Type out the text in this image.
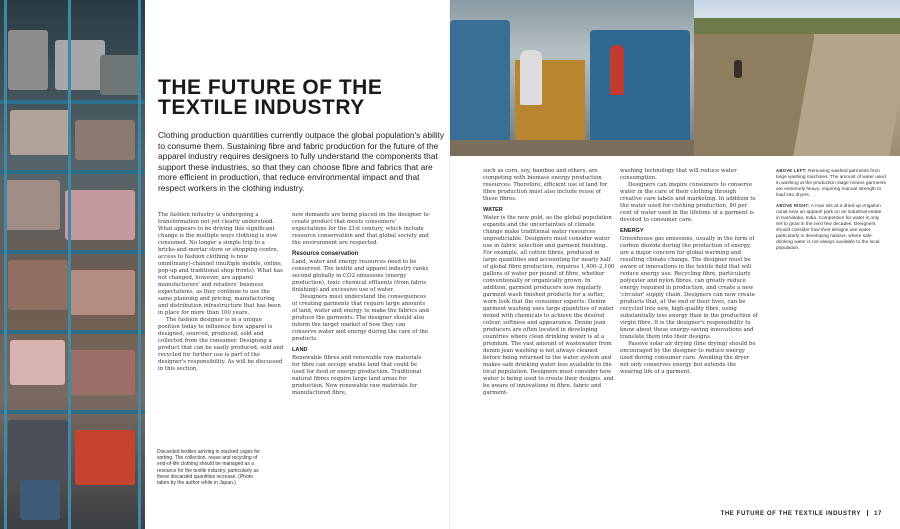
THE FUTURE OF THE TEXTILE INDUSTRY

Clothing production quantities currently outpace the global population's ability to consume them. Sustaining fibre and fabric production for the future of the apparel industry requires designers to fully understand the components that support these industries, so that they can choose fibre and fabrics that are more efficient in production, that reduce environmental impact and that respect workers in the clothing industry.

The fashion industry is undergoing a transformation not yet clearly understood. What appears to be driving this significant change is the multiple ways clothing is now consumed. No longer a simple trip to a bricks-and-mortar store or shopping centre, access to fashion clothing is now omni(many)-channel (multiple mobile, online, pop-up and traditional shop fronts). What has not changed, however, are apparel manufacturers' and retailers' business expectations, as they continue to use the same planning and pricing, manufacturing and distribution infrastructure that has been in place for more than 100 years.

The fashion designer is in a unique position today to influence how apparel is designed, sourced, produced, sold and collected from the consumer. Designing a product that can be easily produced, sold and recycled for further use is part of the designer's responsibility. As will be discussed in this section,

Discarded textiles arriving in stacked cages for sorting. The collection, reuse and recycling of end-of-life clothing should be managed as a resource for the textile industry, particularly as these discarded quantities increase. (Photo taken by the author while in Japan.)

new demands are being placed on the designer to create product that meets consumers' expectations for the 21st century, which include resource conservation and that global society and the environment are respected.

Resource conservation

Land, water and energy resources need to be conserved. The textile and apparel industry ranks second globally in CO2 emissions (energy production), toxic chemical effluents (from fabric finishing) and excessive use of water.

Designers must understand the consequences of creating garments that require large amounts of land, water and energy to make the fabrics and produce the garments. The designer should also inform the target market of how they can conserve water and energy during the care of the products.

LAND

Renewable fibres and renewable raw materials for fibre can occupy arable land that could be used for food or energy production. Traditional natural fibres require large land areas for production. New renewable raw materials for manufactured fibre,

such as corn, soy, bamboo and others, are competing with biomass energy production resources. Therefore, efficient use of land for fibre production must also include reuse of these fibres.

WATER

Water is the new gold, as the global population expands and the uncertainties of climate change make traditional water resources unpredictable. Designers must consider water use in fabric selection and garment finishing. For example, all cotton fibres, produced in large quantities and accounting for nearly half of global fibre production, requires 1,400–2,100 gallons of water per pound of fibre, whether conventionally or organically grown. In addition, garment producers now regularly garment wash finished products for a softer, worn look that the consumer expects. Denim garment washing uses large quantities of water mixed with chemicals to achieve the desired colour, softness and appearance. Denim jean producers are often located in developing countries where clean drinking water is at a premium. The vast amount of wastewater from denim jean washing is not always cleaned before being returned to the water system and makes safe drinking water less available to the local population. Designers must consider how water is being used to create their designs, and be aware of innovations in fibre, fabric and garment-

washing technology that will reduce water consumption.

Designers can inspire consumers to conserve water in the care of their clothing through creative care labels and marketing. In addition to the water used for clothing production, 80 per cent of water used in the lifetime of a garment is devoted to consumer care.

ENERGY

Greenhouse gas emissions, usually in the form of carbon dioxide during the production of energy, are a major concern for global warming and resulting climate change. The designer must be aware of innovations in the textile field that will reduce energy use. Recycling fibre, particularly polyester and nylon fibres, can greatly reduce energy required in production, and create a new 'circular' supply chain. Designers can now create products that, at the end of their lives, can be recycled into new, high-quality fibre, using substantially less energy than in the production of virgin fibre. It is the designer's responsibility to know about these energy-saving innovations and translate them into their designs.

Passive solar air drying (line drying) should be encouraged by the designer to reduce energy used during consumer care. Avoiding the dryer not only conserves energy but extends the wearing life of a garment.

ABOVE LEFT: Removing washed garments from large washing machines. The amount of water used in washing at the production stage means garments are extremely heavy, requiring manual strength to load into dryers.

ABOVE RIGHT: A man sits at a dried-up irrigation canal near an apparel park on an industrial estate in Karnataka, India. Competition for water is only set to grow in the next few decades. Designers should consider how their designs use water, particularly in developing nations, where safe drinking water is not always available to the local population.

THE FUTURE OF THE TEXTILE INDUSTRY 17
